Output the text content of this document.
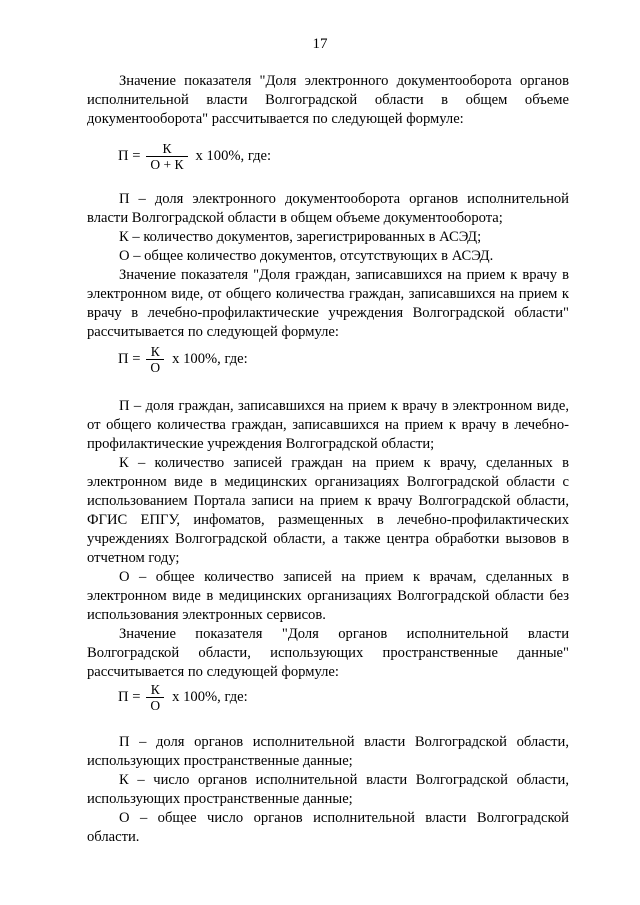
17

Значение показателя "Доля электронного документооборота органов исполнительной власти Волгоградской области в общем объеме документооборота" рассчитывается по следующей формуле:

$П = \frac{К}{О + К}$ х 100%, где:

П – доля электронного документооборота органов исполнительной власти Волгоградской области в общем объеме документооборота;

К – количество документов, зарегистрированных в АСЭД;

О – общее количество документов, отсутствующих в АСЭД.

Значение показателя "Доля граждан, записавшихся на прием к врачу в электронном виде, от общего количества граждан, записавшихся на прием к врачу в лечебно-профилактические учреждения Волгоградской области" рассчитывается по следующей формуле:

$П = \frac{К}{О}$ х 100%, где:

П – доля граждан, записавшихся на прием к врачу в электронном виде, от общего количества граждан, записавшихся на прием к врачу в лечебно-профилактические учреждения Волгоградской области;

К – количество записей граждан на прием к врачу, сделанных в электронном виде в медицинских организациях Волгоградской области с использованием Портала записи на прием к врачу Волгоградской области, ФГИС ЕПГУ, инфоматов, размещенных в лечебно-профилактических учреждениях Волгоградской области, а также центра обработки вызовов в отчетном году;

О – общее количество записей на прием к врачам, сделанных в электронном виде в медицинских организациях Волгоградской области без использования электронных сервисов.

Значение показателя "Доля органов исполнительной власти Волгоградской области, использующих пространственные данные" рассчитывается по следующей формуле:

$П = \frac{К}{О}$ х 100%, где:

П – доля органов исполнительной власти Волгоградской области, использующих пространственные данные;

К – число органов исполнительной власти Волгоградской области, использующих пространственные данные;

О – общее число органов исполнительной власти Волгоградской области.
